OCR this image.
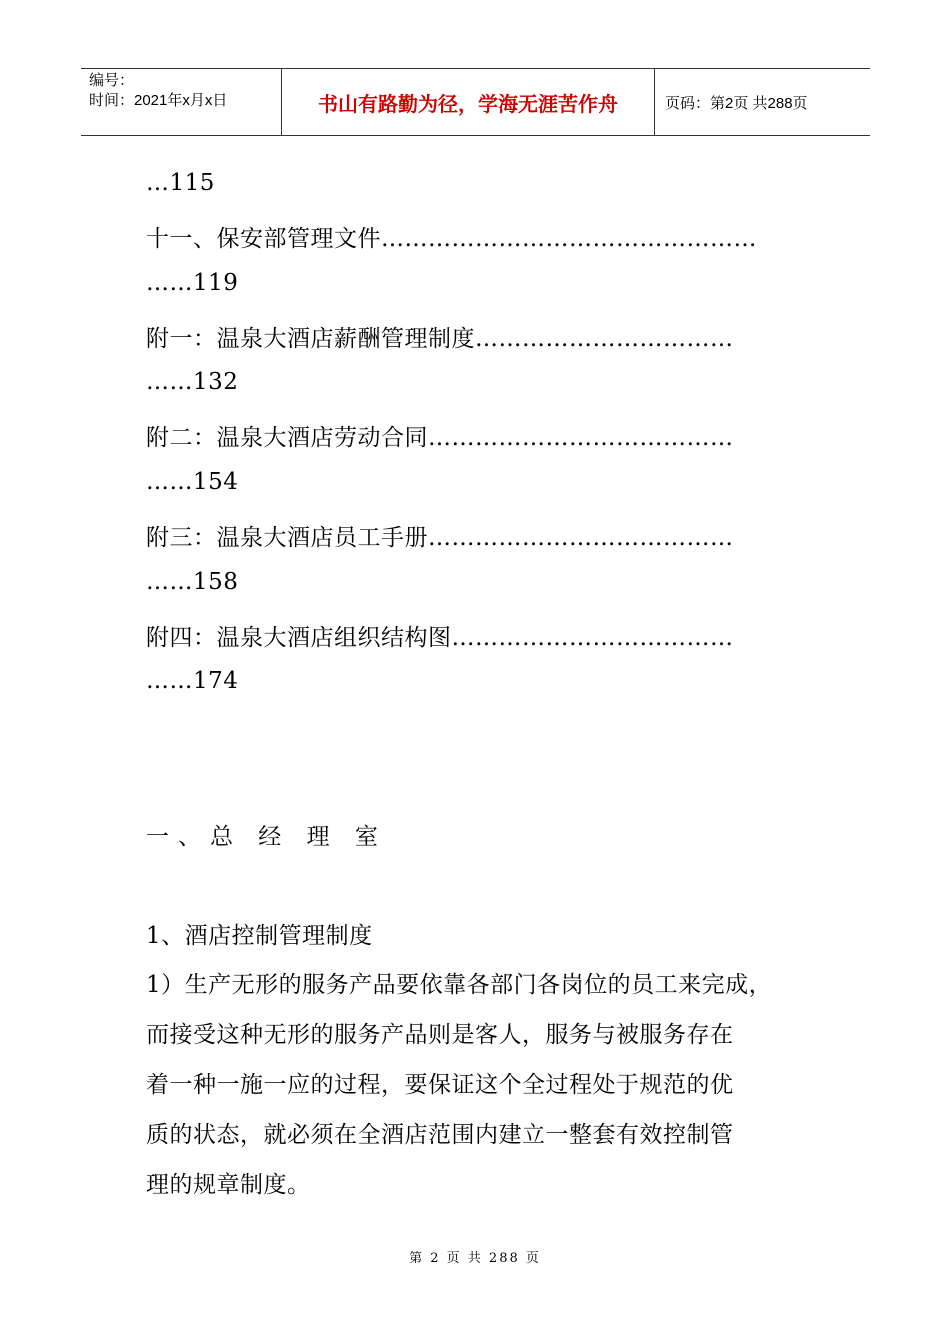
编号：
时间：2021年x月x日	书山有路勤为径，学海无涯苦作舟	页码：第2页 共288页
…115
十一、保安部管理文件…………………………………………
……119
附一：温泉大酒店薪酬管理制度……………………………
……132
附二：温泉大酒店劳动合同…………………………………
……154
附三：温泉大酒店员工手册…………………………………
……158
附四：温泉大酒店组织结构图………………………………
……174
一、总 经 理 室
1、酒店控制管理制度
1）生产无形的服务产品要依靠各部门各岗位的员工来完成，
而接受这种无形的服务产品则是客人，服务与被服务存在
着一种一施一应的过程，要保证这个全过程处于规范的优
质的状态，就必须在全酒店范围内建立一整套有效控制管
理的规章制度。
第 2 页 共 288 页
